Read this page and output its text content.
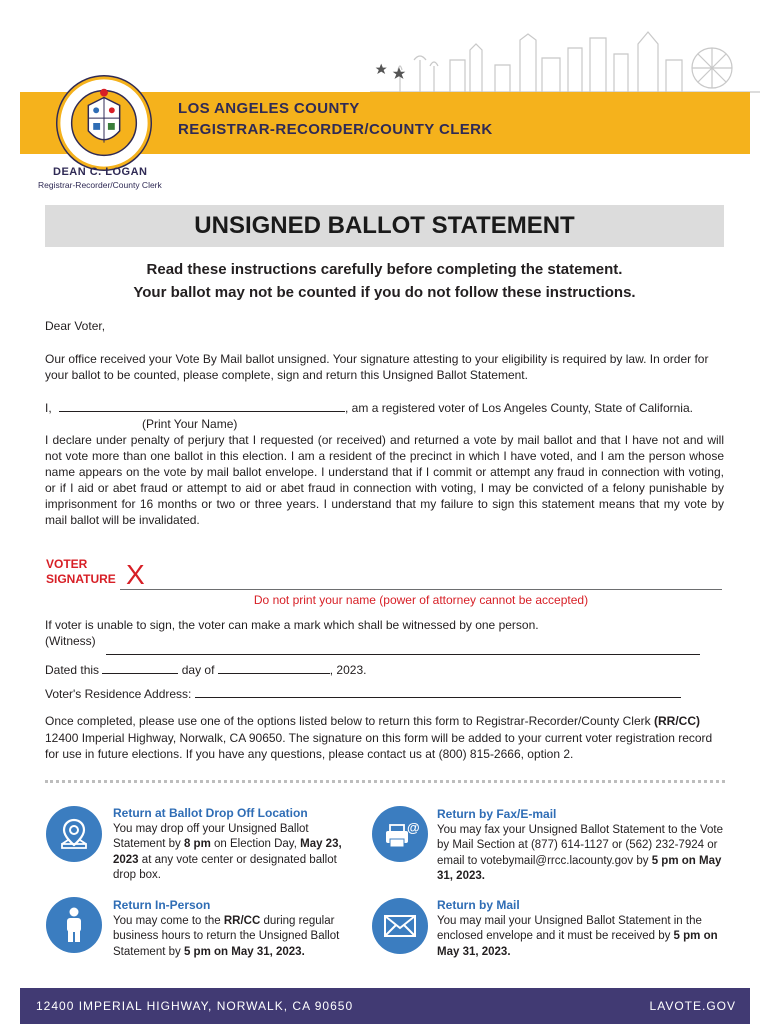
LOS ANGELES COUNTY
REGISTRAR-RECORDER/COUNTY CLERK
DEAN C. LOGAN
Registrar-Recorder/County Clerk
UNSIGNED BALLOT STATEMENT
Read these instructions carefully before completing the statement.
Your ballot may not be counted if you do not follow these instructions.
Dear Voter,
Our office received your Vote By Mail ballot unsigned. Your signature attesting to your eligibility is required by law. In order for your ballot to be counted, please complete, sign and return this Unsigned Ballot Statement.
I,	, am a registered voter of Los Angeles County, State of California.
(Print Your Name)
I declare under penalty of perjury that I requested (or received) and returned a vote by mail ballot and that I have not and will not vote more than one ballot in this election. I am a resident of the precinct in which I have voted, and I am the person whose name appears on the vote by mail ballot envelope. I understand that if I commit or attempt any fraud in connection with voting, or if I aid or abet fraud or attempt to aid or abet fraud in connection with voting, I may be convicted of a felony punishable by imprisonment for 16 months or two or three years. I understand that my failure to sign this statement means that my vote by mail ballot will be invalidated.
VOTER
SIGNATURE X
Do not print your name (power of attorney cannot be accepted)
If voter is unable to sign, the voter can make a mark which shall be witnessed by one person.
(Witness)
Dated this	day of	, 2023.
Voter's Residence Address:
Once completed, please use one of the options listed below to return this form to Registrar-Recorder/County Clerk (RR/CC) 12400 Imperial Highway, Norwalk, CA 90650. The signature on this form will be added to your current voter registration record for use in future elections. If you have any questions, please contact us at (800) 815-2666, option 2.
Return at Ballot Drop Off Location
You may drop off your Unsigned Ballot Statement by 8 pm on Election Day, May 23, 2023 at any vote center or designated ballot drop box.
@
Return by Fax/E-mail
You may fax your Unsigned Ballot Statement to the Vote by Mail Section at (877) 614-1127 or (562) 232-7924 or email to votebymail@rrcc.lacounty.gov by 5 pm on May 31, 2023.
Return In-Person
You may come to the RR/CC during regular business hours to return the Unsigned Ballot Statement by 5 pm on May 31, 2023.
Return by Mail
You may mail your Unsigned Ballot Statement in the enclosed envelope and it must be received by 5 pm on May 31, 2023.
12400 IMPERIAL HIGHWAY, NORWALK, CA 90650	LAVOTE.GOV
